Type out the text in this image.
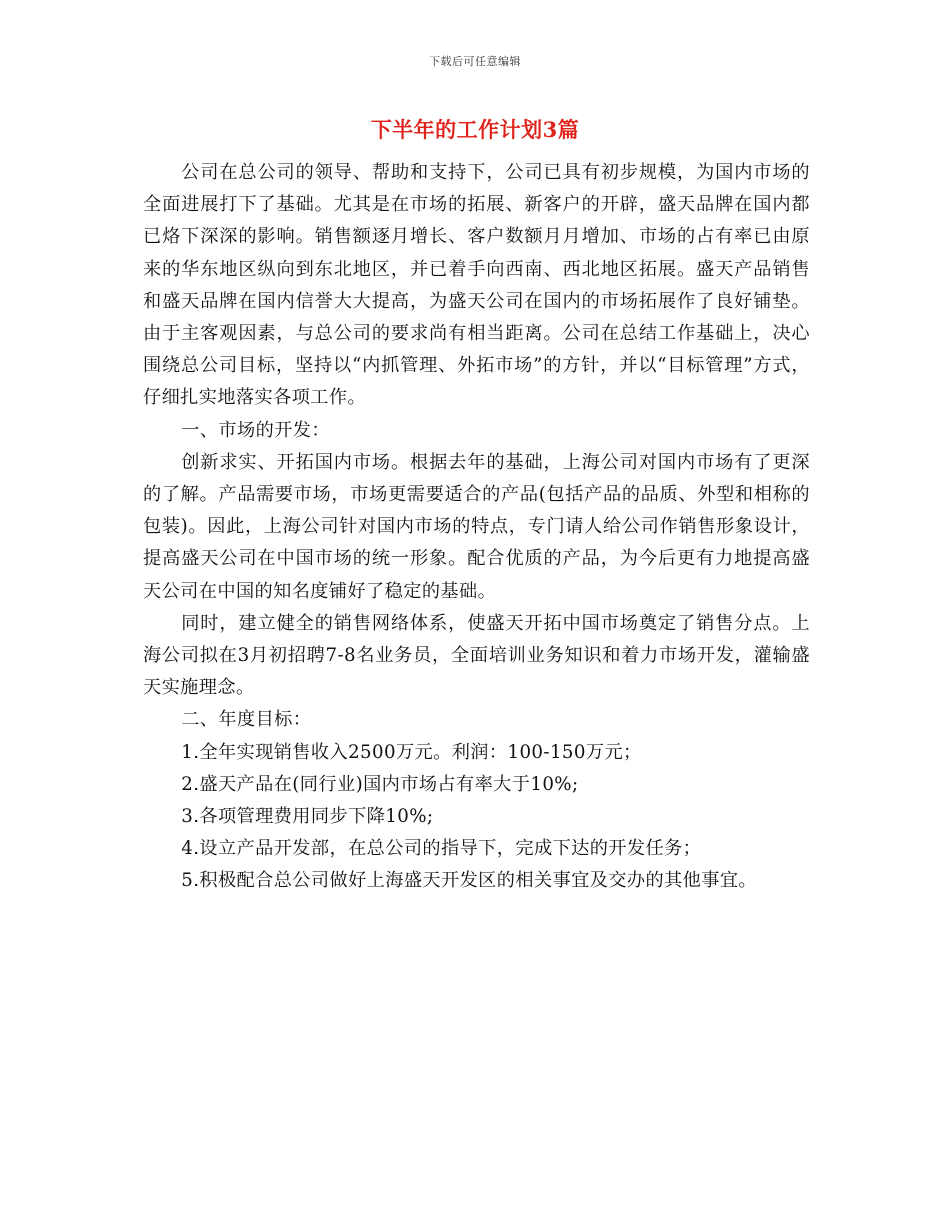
下载后可任意编辑
下半年的工作计划3篇

公司在总公司的领导、帮助和支持下，公司已具有初步规模，为国内市场的全面进展打下了基础。尤其是在市场的拓展、新客户的开辟，盛天品牌在国内都已烙下深深的影响。销售额逐月增长、客户数额月月增加、市场的占有率已由原来的华东地区纵向到东北地区，并已着手向西南、西北地区拓展。盛天产品销售和盛天品牌在国内信誉大大提高，为盛天公司在国内的市场拓展作了良好铺垫。由于主客观因素，与总公司的要求尚有相当距离。公司在总结工作基础上，决心围绕总公司目标，坚持以“内抓管理、外拓市场”的方针，并以“目标管理”方式，仔细扎实地落实各项工作。

一、市场的开发：

创新求实、开拓国内市场。根据去年的基础，上海公司对国内市场有了更深的了解。产品需要市场，市场更需要适合的产品(包括产品的品质、外型和相称的包装)。因此，上海公司针对国内市场的特点，专门请人给公司作销售形象设计，提高盛天公司在中国市场的统一形象。配合优质的产品，为今后更有力地提高盛天公司在中国的知名度铺好了稳定的基础。

同时，建立健全的销售网络体系，使盛天开拓中国市场奠定了销售分点。上海公司拟在3月初招聘7-8名业务员，全面培训业务知识和着力市场开发，灌输盛天实施理念。

二、年度目标：

1.全年实现销售收入2500万元。利润：100-150万元；

2.盛天产品在(同行业)国内市场占有率大于10%;

3.各项管理费用同步下降10%;

4.设立产品开发部，在总公司的指导下，完成下达的开发任务；

5.积极配合总公司做好上海盛天开发区的相关事宜及交办的其他事宜。
